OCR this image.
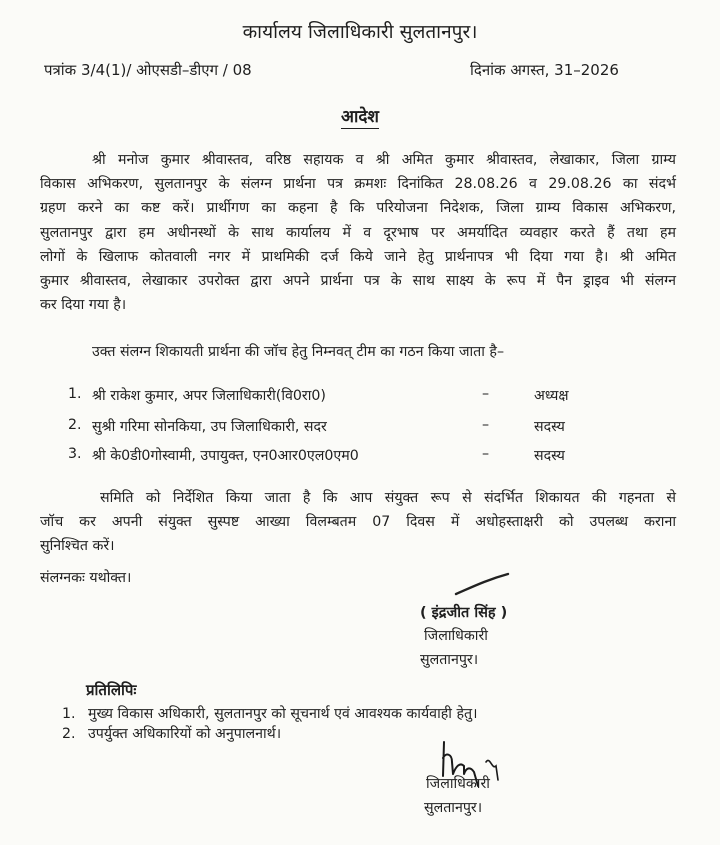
कार्यालय जिलाधिकारी सुलतानपुर।
पत्रांक 3/4(1)/ ओएसडी–डीएग / 08	दिनांक अगस्त, 31–2026
आदेश
श्री मनोज कुमार श्रीवास्तव, वरिष्ठ सहायक व श्री अमित कुमार श्रीवास्तव, लेखाकार, जिला ग्राम्य
विकास अभिकरण, सुलतानपुर के संलग्न प्रार्थना पत्र क्रमशः दिनांकित 28.08.26 व 29.08.26 का संदर्भ
ग्रहण करने का कष्ट करें। प्रार्थीगण का कहना है कि परियोजना निदेशक, जिला ग्राम्य विकास अभिकरण,
सुलतानपुर द्वारा हम अधीनस्थों के साथ कार्यालय में व दूरभाष पर अमर्यादित व्यवहार करते हैं तथा हम
लोगों के खिलाफ कोतवाली नगर में प्राथमिकी दर्ज किये जाने हेतु प्रार्थनापत्र भी दिया गया है। श्री अमित
कुमार श्रीवास्तव, लेखाकार उपरोक्त द्वारा अपने प्रार्थना पत्र के साथ साक्ष्य के रूप में पैन ड्राइव भी संलग्न
कर दिया गया है।
उक्त संलग्न शिकायती प्रार्थना की जॉच हेतु निम्नवत् टीम का गठन किया जाता है–
1. श्री राकेश कुमार, अपर जिलाधिकारी(वि0रा0)	–	अध्यक्ष
2. सुश्री गरिमा सोनकिया, उप जिलाधिकारी, सदर	–	सदस्य
3. श्री के0डी0गोस्वामी, उपायुक्त, एन0आर0एल0एम0	–	सदस्य
समिति को निर्देशित किया जाता है कि आप संयुक्त रूप से संदर्भित शिकायत की गहनता से
जॉच कर अपनी संयुक्त सुस्पष्ट आख्या विलम्बतम 07 दिवस में अधोहस्ताक्षरी को उपलब्ध कराना
सुनिश्चित करें।
संलग्नकः यथोक्त।
( इंद्रजीत सिंह )
जिलाधिकारी
सुलतानपुर।
प्रतिलिपिः
1. मुख्य विकास अधिकारी, सुलतानपुर को सूचनार्थ एवं आवश्यक कार्यवाही हेतु।
2. उपर्युक्त अधिकारियों को अनुपालनार्थ।
जिलाधिकारी
सुलतानपुर।
